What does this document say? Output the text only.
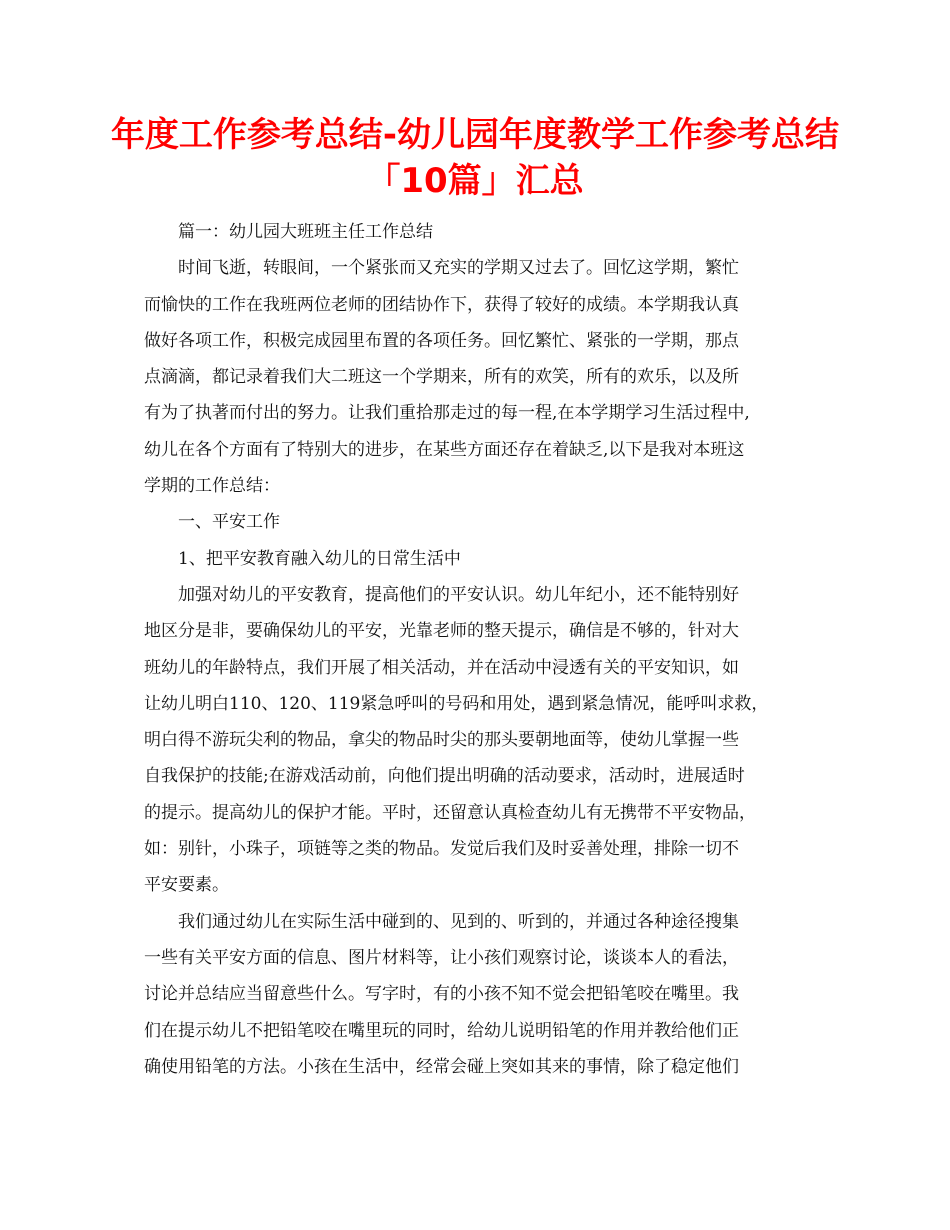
年度工作参考总结-幼儿园年度教学工作参考总结
「10篇」汇总
篇一：幼儿园大班班主任工作总结
时间飞逝，转眼间，一个紧张而又充实的学期又过去了。回忆这学期，繁忙
而愉快的工作在我班两位老师的团结协作下，获得了较好的成绩。本学期我认真
做好各项工作，积极完成园里布置的各项任务。回忆繁忙、紧张的一学期，那点
点滴滴，都记录着我们大二班这一个学期来，所有的欢笑，所有的欢乐，以及所
有为了执著而付出的努力。让我们重拾那走过的每一程,在本学期学习生活过程中,
幼儿在各个方面有了特别大的进步，在某些方面还存在着缺乏,以下是我对本班这
学期的工作总结：
一、平安工作
1、把平安教育融入幼儿的日常生活中
加强对幼儿的平安教育，提高他们的平安认识。幼儿年纪小，还不能特别好
地区分是非，要确保幼儿的平安，光靠老师的整天提示，确信是不够的，针对大
班幼儿的年龄特点，我们开展了相关活动，并在活动中浸透有关的平安知识，如
让幼儿明白110、120、119紧急呼叫的号码和用处，遇到紧急情况，能呼叫求救，
明白得不游玩尖利的物品，拿尖的物品时尖的那头要朝地面等，使幼儿掌握一些
自我保护的技能;在游戏活动前，向他们提出明确的活动要求，活动时，进展适时
的提示。提高幼儿的保护才能。平时，还留意认真检查幼儿有无携带不平安物品，
如：别针，小珠子，项链等之类的物品。发觉后我们及时妥善处理，排除一切不
平安要素。
我们通过幼儿在实际生活中碰到的、见到的、听到的，并通过各种途径搜集
一些有关平安方面的信息、图片材料等，让小孩们观察讨论，谈谈本人的看法，
讨论并总结应当留意些什么。写字时，有的小孩不知不觉会把铅笔咬在嘴里。我
们在提示幼儿不把铅笔咬在嘴里玩的同时，给幼儿说明铅笔的作用并教给他们正
确使用铅笔的方法。小孩在生活中，经常会碰上突如其来的事情，除了稳定他们
